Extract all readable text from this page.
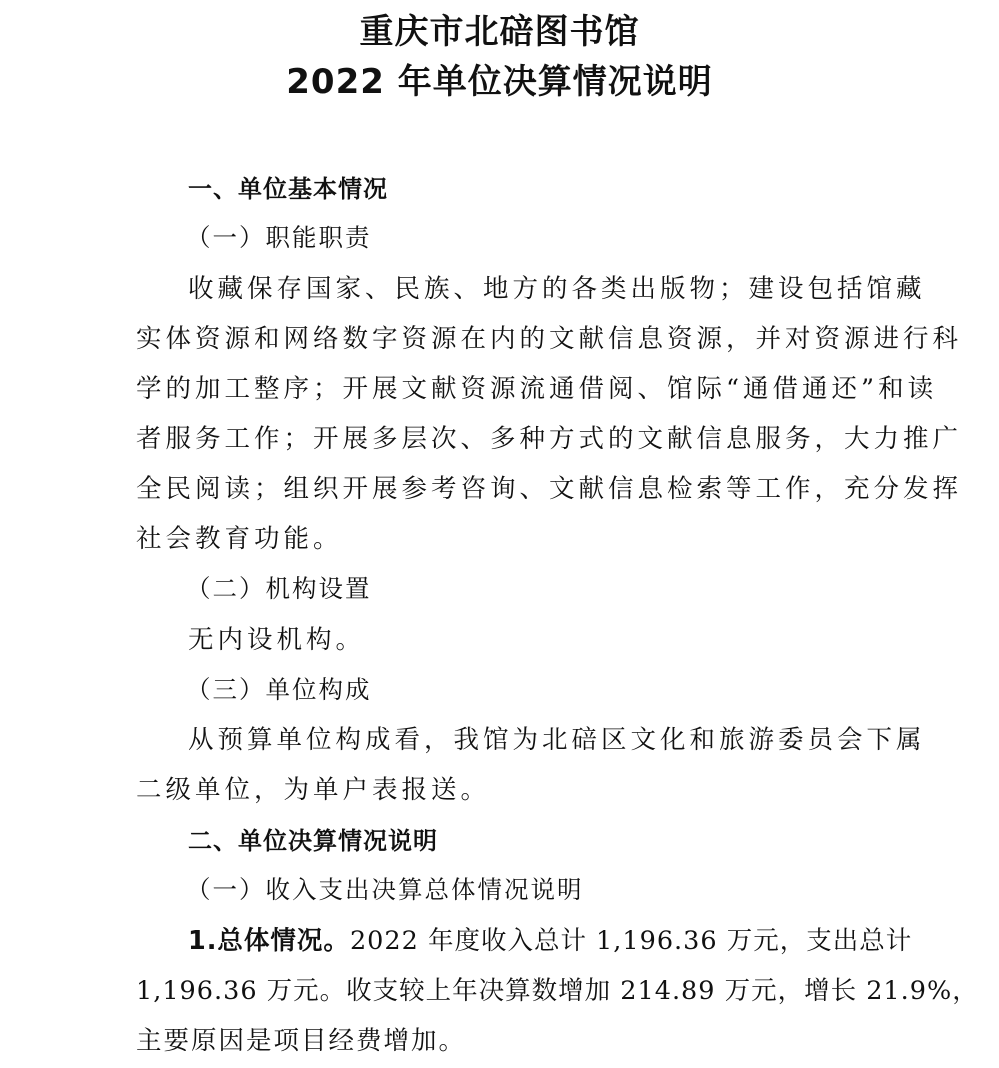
重庆市北碚图书馆
2022 年单位决算情况说明
一、单位基本情况
（一）职能职责
收藏保存国家、民族、地方的各类出版物；建设包括馆藏
实体资源和网络数字资源在内的文献信息资源，并对资源进行科
学的加工整序；开展文献资源流通借阅、馆际“通借通还”和读
者服务工作；开展多层次、多种方式的文献信息服务，大力推广
全民阅读；组织开展参考咨询、文献信息检索等工作，充分发挥
社会教育功能。
（二）机构设置
无内设机构。
（三）单位构成
从预算单位构成看，我馆为北碚区文化和旅游委员会下属
二级单位，为单户表报送。
二、单位决算情况说明
（一）收入支出决算总体情况说明
1.总体情况。2022 年度收入总计 1,196.36 万元，支出总计
1,196.36 万元。收支较上年决算数增加 214.89 万元，增长 21.9%，
主要原因是项目经费增加。
